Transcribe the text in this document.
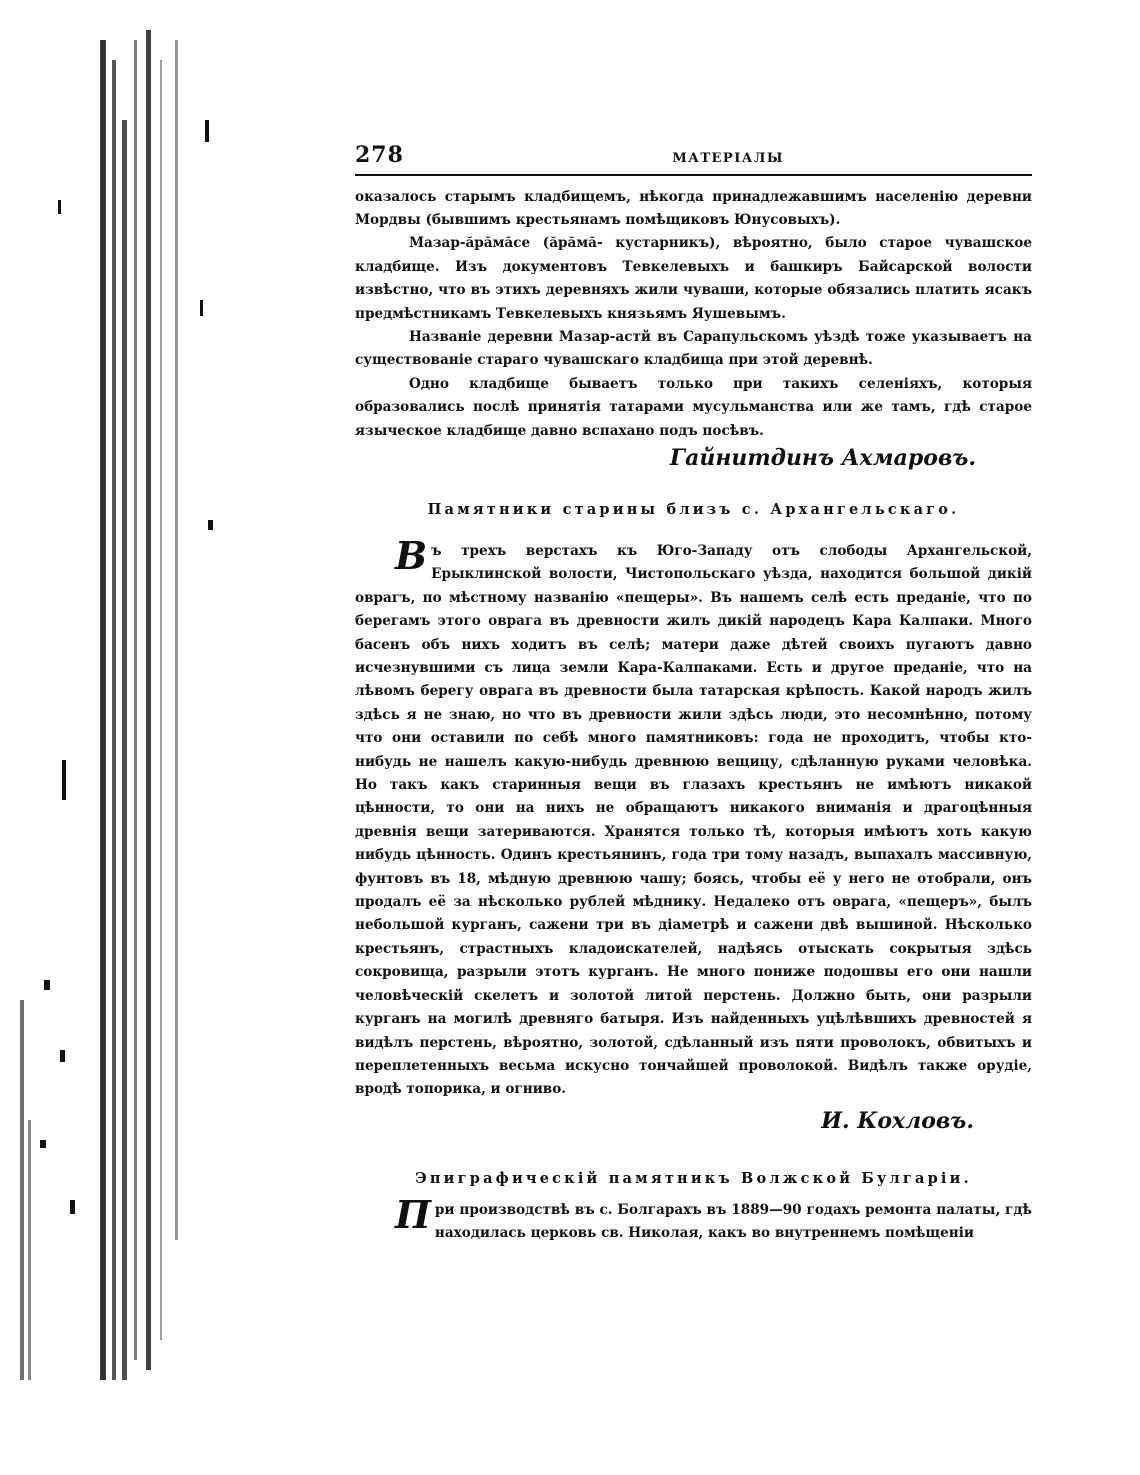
278	МАТЕРІАЛЫ

оказалось старымъ кладбищемъ, нѣкогда принадлежавшимъ населенію деревни Мордвы (бывшимъ крестьянамъ помѣщиковъ Юнусовыхъ).

Мазар-ăрăмăсе (ăрăмă- кустарникъ), вѣроятно, было старое чувашское кладбище. Изъ документовъ Тевкелевыхъ и башкиръ Байсарской волости извѣстно, что въ этихъ деревняхъ жили чуваши, которые обязались платить ясакъ предмѣстникамъ Тевкелевыхъ князьямъ Яушевымъ.

Названіе деревни Мазар-астй въ Сарапульскомъ уѣздѣ тоже указываетъ на существованіе стараго чувашскаго кладбища при этой деревнѣ.

Одно кладбище бываетъ только при такихъ селеніяхъ, которыя образовались послѣ принятія татарами мусульманства или же тамъ, гдѣ старое языческое кладбище давно вспахано подъ посѣвъ.

Гайнитдинъ Ахмаровъ.
Памятники старины близъ с. Архангельскаго.

Въ трехъ верстахъ къ Юго-Западу отъ слободы Архангельской, Ерыклинской волости, Чистопольскаго уѣзда, находится большой дикій оврагъ, по мѣстному названію «пещеры». Въ нашемъ селѣ есть преданіе, что по берегамъ этого оврага въ древности жилъ дикій народецъ Кара Калпаки. Много басенъ объ нихъ ходитъ въ селѣ; матери даже дѣтей своихъ пугаютъ давно исчезнувшими съ лица земли Кара-Калпаками. Есть и другое преданіе, что на лѣвомъ берегу оврага въ древности была татарская крѣпость. Какой народъ жилъ здѣсь я не знаю, но что въ древности жили здѣсь люди, это несомнѣнно, потому что они оставили по себѣ много памятниковъ: года не проходитъ, чтобы кто-нибудь не нашелъ какую-нибудь древнюю вещицу, сдѣланную руками человѣка. Но такъ какъ старинныя вещи въ глазахъ крестьянъ не имѣютъ никакой цѣнности, то они на нихъ не обращаютъ никакого вниманія и драгоцѣнныя древнія вещи затериваются. Хранятся только тѣ, которыя имѣютъ хоть какую нибудь цѣнность. Одинъ крестьянинъ, года три тому назадъ, выпахалъ массивную, фунтовъ въ 18, мѣдную древнюю чашу; боясь, чтобы её у него не отобрали, онъ продалъ её за нѣсколько рублей мѣднику. Недалеко отъ оврага, «пещеръ», былъ небольшой курганъ, сажени три въ діаметрѣ и сажени двѣ вышиной. Нѣсколько крестьянъ, страстныхъ кладоискателей, надѣясь отыскать сокрытыя здѣсь сокровища, разрыли этотъ курганъ. Не много пониже подошвы его они нашли человѣческій скелетъ и золотой литой перстень. Должно быть, они разрыли курганъ на могилѣ древняго батыря. Изъ найденныхъ уцѣлѣвшихъ древностей я видѣлъ перстень, вѣроятно, золотой, сдѣланный изъ пяти проволокъ, обвитыхъ и переплетенныхъ весьма искусно тончайшей проволокой. Видѣлъ также орудіе, вродѣ топорика, и огниво.

И. Кохловъ.
Эпиграфическій памятникъ Волжской Булгаріи.

При производствѣ въ с. Болгарахъ въ 1889—90 годахъ ремонта палаты, гдѣ находилась церковь св. Николая, какъ во внутреннемъ помѣщеніи
